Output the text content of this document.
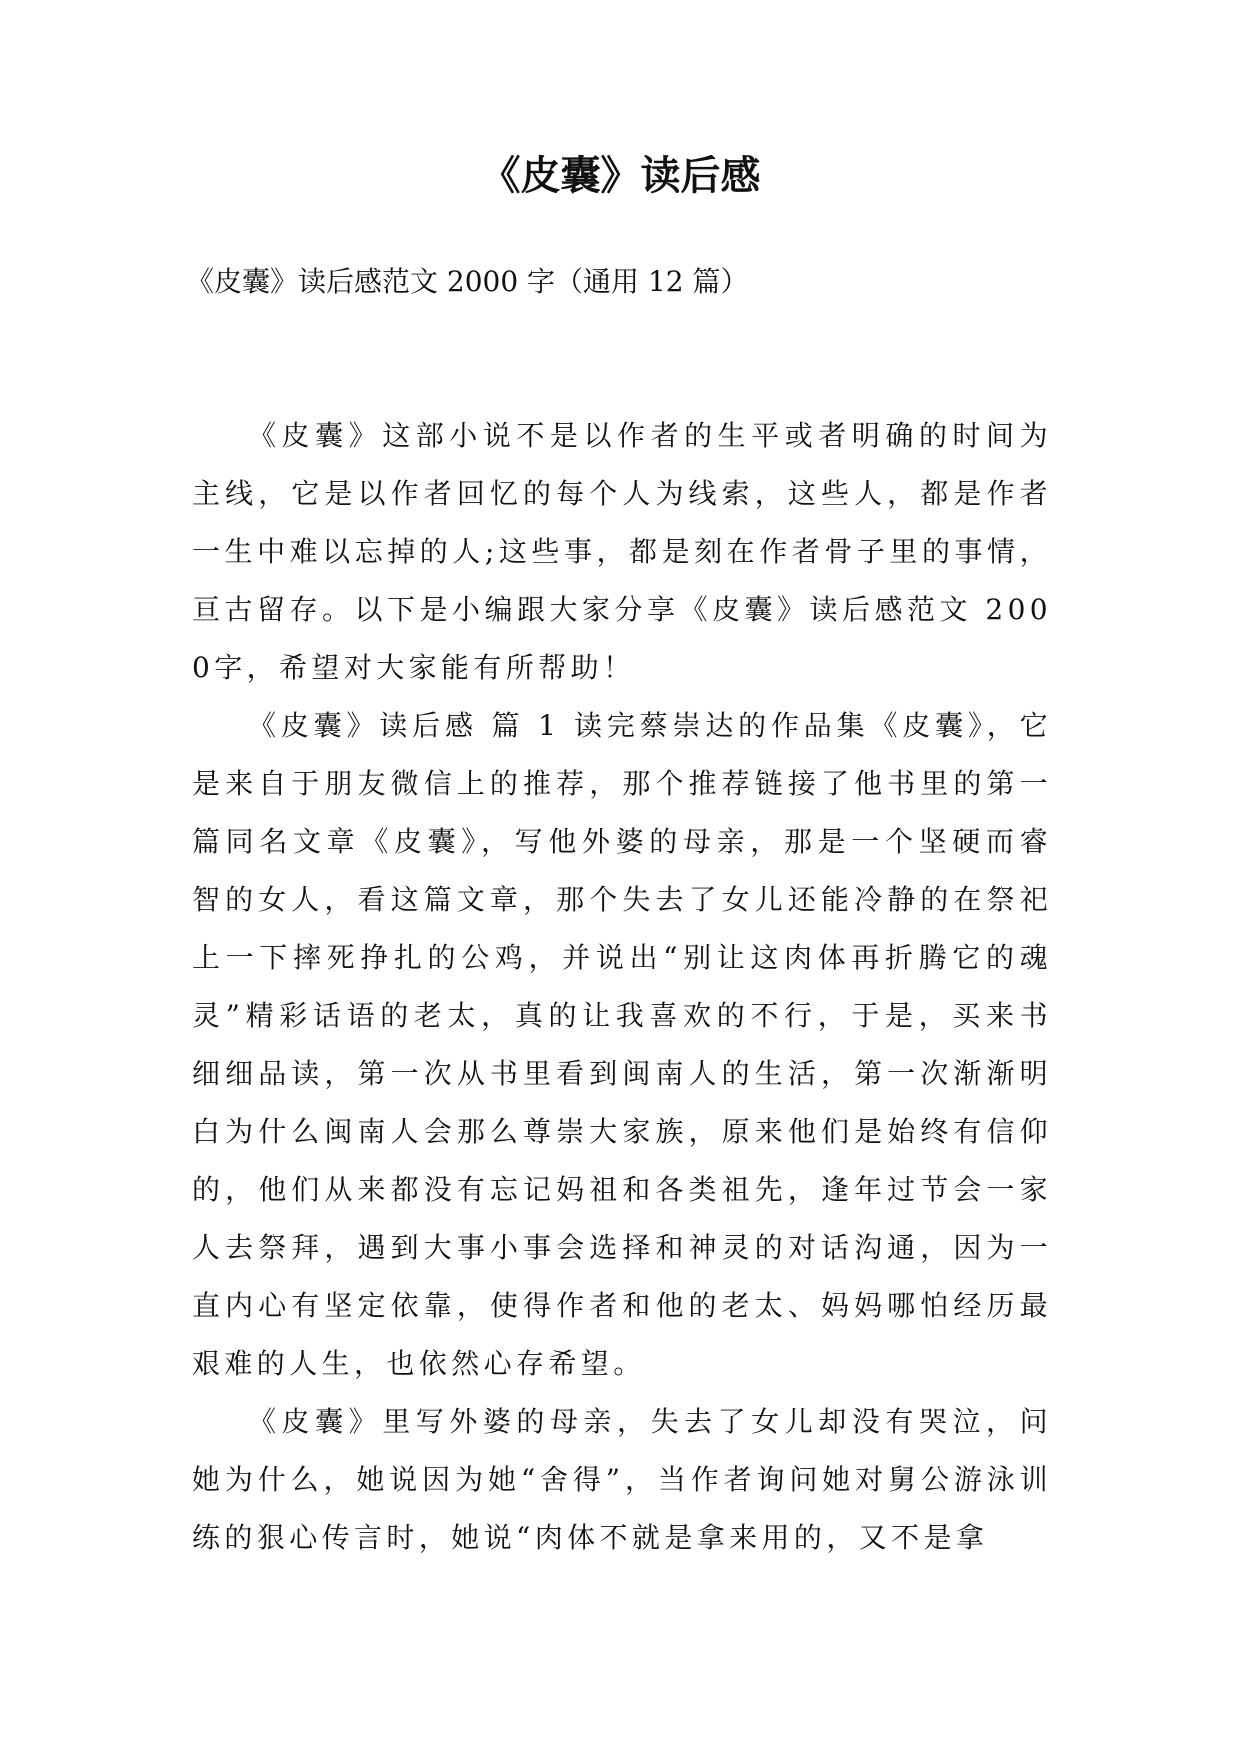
《皮囊》读后感

《皮囊》读后感范文 2000 字（通用 12 篇）

《皮囊》这部小说不是以作者的生平或者明确的时间为主线，它是以作者回忆的每个人为线索，这些人，都是作者一生中难以忘掉的人;这些事，都是刻在作者骨子里的事情，亘古留存。以下是小编跟大家分享《皮囊》读后感范文 2000字，希望对大家能有所帮助！

《皮囊》读后感 篇 1 读完蔡崇达的作品集《皮囊》，它是来自于朋友微信上的推荐，那个推荐链接了他书里的第一篇同名文章《皮囊》，写他外婆的母亲，那是一个坚硬而睿智的女人，看这篇文章，那个失去了女儿还能冷静的在祭祀上一下摔死挣扎的公鸡，并说出“别让这肉体再折腾它的魂灵”精彩话语的老太，真的让我喜欢的不行，于是，买来书细细品读，第一次从书里看到闽南人的生活，第一次渐渐明白为什么闽南人会那么尊崇大家族，原来他们是始终有信仰的，他们从来都没有忘记妈祖和各类祖先，逢年过节会一家人去祭拜，遇到大事小事会选择和神灵的对话沟通，因为一直内心有坚定依靠，使得作者和他的老太、妈妈哪怕经历最艰难的人生，也依然心存希望。

《皮囊》里写外婆的母亲，失去了女儿却没有哭泣，问她为什么，她说因为她“舍得”，当作者询问她对舅公游泳训练的狠心传言时，她说“肉体不就是拿来用的，又不是拿
